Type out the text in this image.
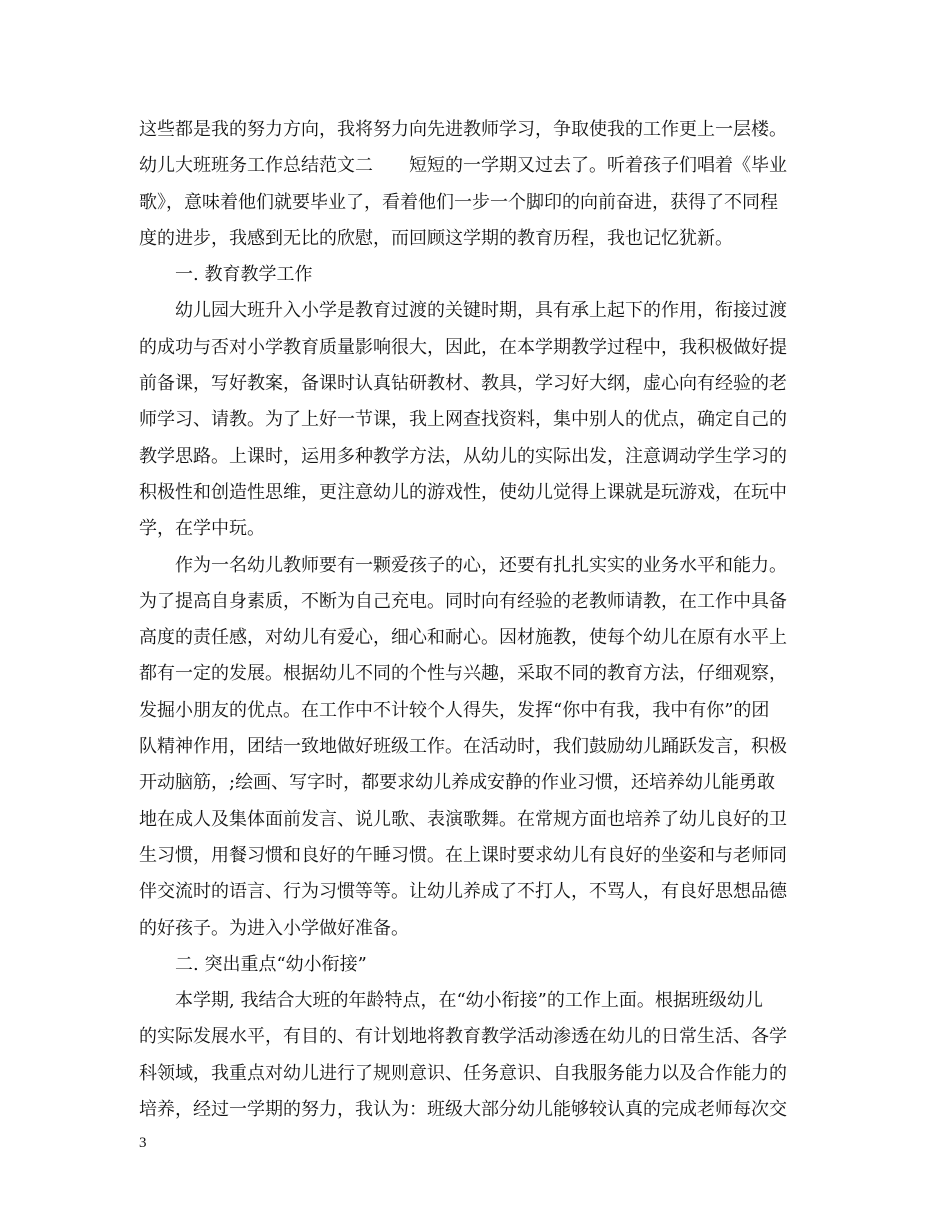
这些都是我的努力方向，我将努力向先进教师学习，争取使我的工作更上一层楼。
幼儿大班班务工作总结范文二　　短短的一学期又过去了。听着孩子们唱着《毕业
歌》，意味着他们就要毕业了，看着他们一步一个脚印的向前奋进，获得了不同程
度的进步，我感到无比的欣慰，而回顾这学期的教育历程，我也记忆犹新。
一. 教育教学工作
幼儿园大班升入小学是教育过渡的关键时期，具有承上起下的作用，衔接过渡
的成功与否对小学教育质量影响很大，因此，在本学期教学过程中，我积极做好提
前备课，写好教案，备课时认真钻研教材、教具，学习好大纲，虚心向有经验的老
师学习、请教。为了上好一节课，我上网查找资料，集中别人的优点，确定自己的
教学思路。上课时，运用多种教学方法，从幼儿的实际出发，注意调动学生学习的
积极性和创造性思维，更注意幼儿的游戏性，使幼儿觉得上课就是玩游戏，在玩中
学，在学中玩。
作为一名幼儿教师要有一颗爱孩子的心，还要有扎扎实实的业务水平和能力。
为了提高自身素质，不断为自己充电。同时向有经验的老教师请教，在工作中具备
高度的责任感，对幼儿有爱心，细心和耐心。因材施教，使每个幼儿在原有水平上
都有一定的发展。根据幼儿不同的个性与兴趣，采取不同的教育方法，仔细观察，
发掘小朋友的优点。在工作中不计较个人得失，发挥“你中有我，我中有你”的团
队精神作用，团结一致地做好班级工作。在活动时，我们鼓励幼儿踊跃发言，积极
开动脑筋，;绘画、写字时，都要求幼儿养成安静的作业习惯，还培养幼儿能勇敢
地在成人及集体面前发言、说儿歌、表演歌舞。在常规方面也培养了幼儿良好的卫
生习惯，用餐习惯和良好的午睡习惯。在上课时要求幼儿有良好的坐姿和与老师同
伴交流时的语言、行为习惯等等。让幼儿养成了不打人，不骂人，有良好思想品德
的好孩子。为进入小学做好准备。
二. 突出重点“幼小衔接”
本学期, 我结合大班的年龄特点，在“幼小衔接”的工作上面。根据班级幼儿
的实际发展水平，有目的、有计划地将教育教学活动渗透在幼儿的日常生活、各学
科领域，我重点对幼儿进行了规则意识、任务意识、自我服务能力以及合作能力的
培养，经过一学期的努力，我认为：班级大部分幼儿能够较认真的完成老师每次交
3
